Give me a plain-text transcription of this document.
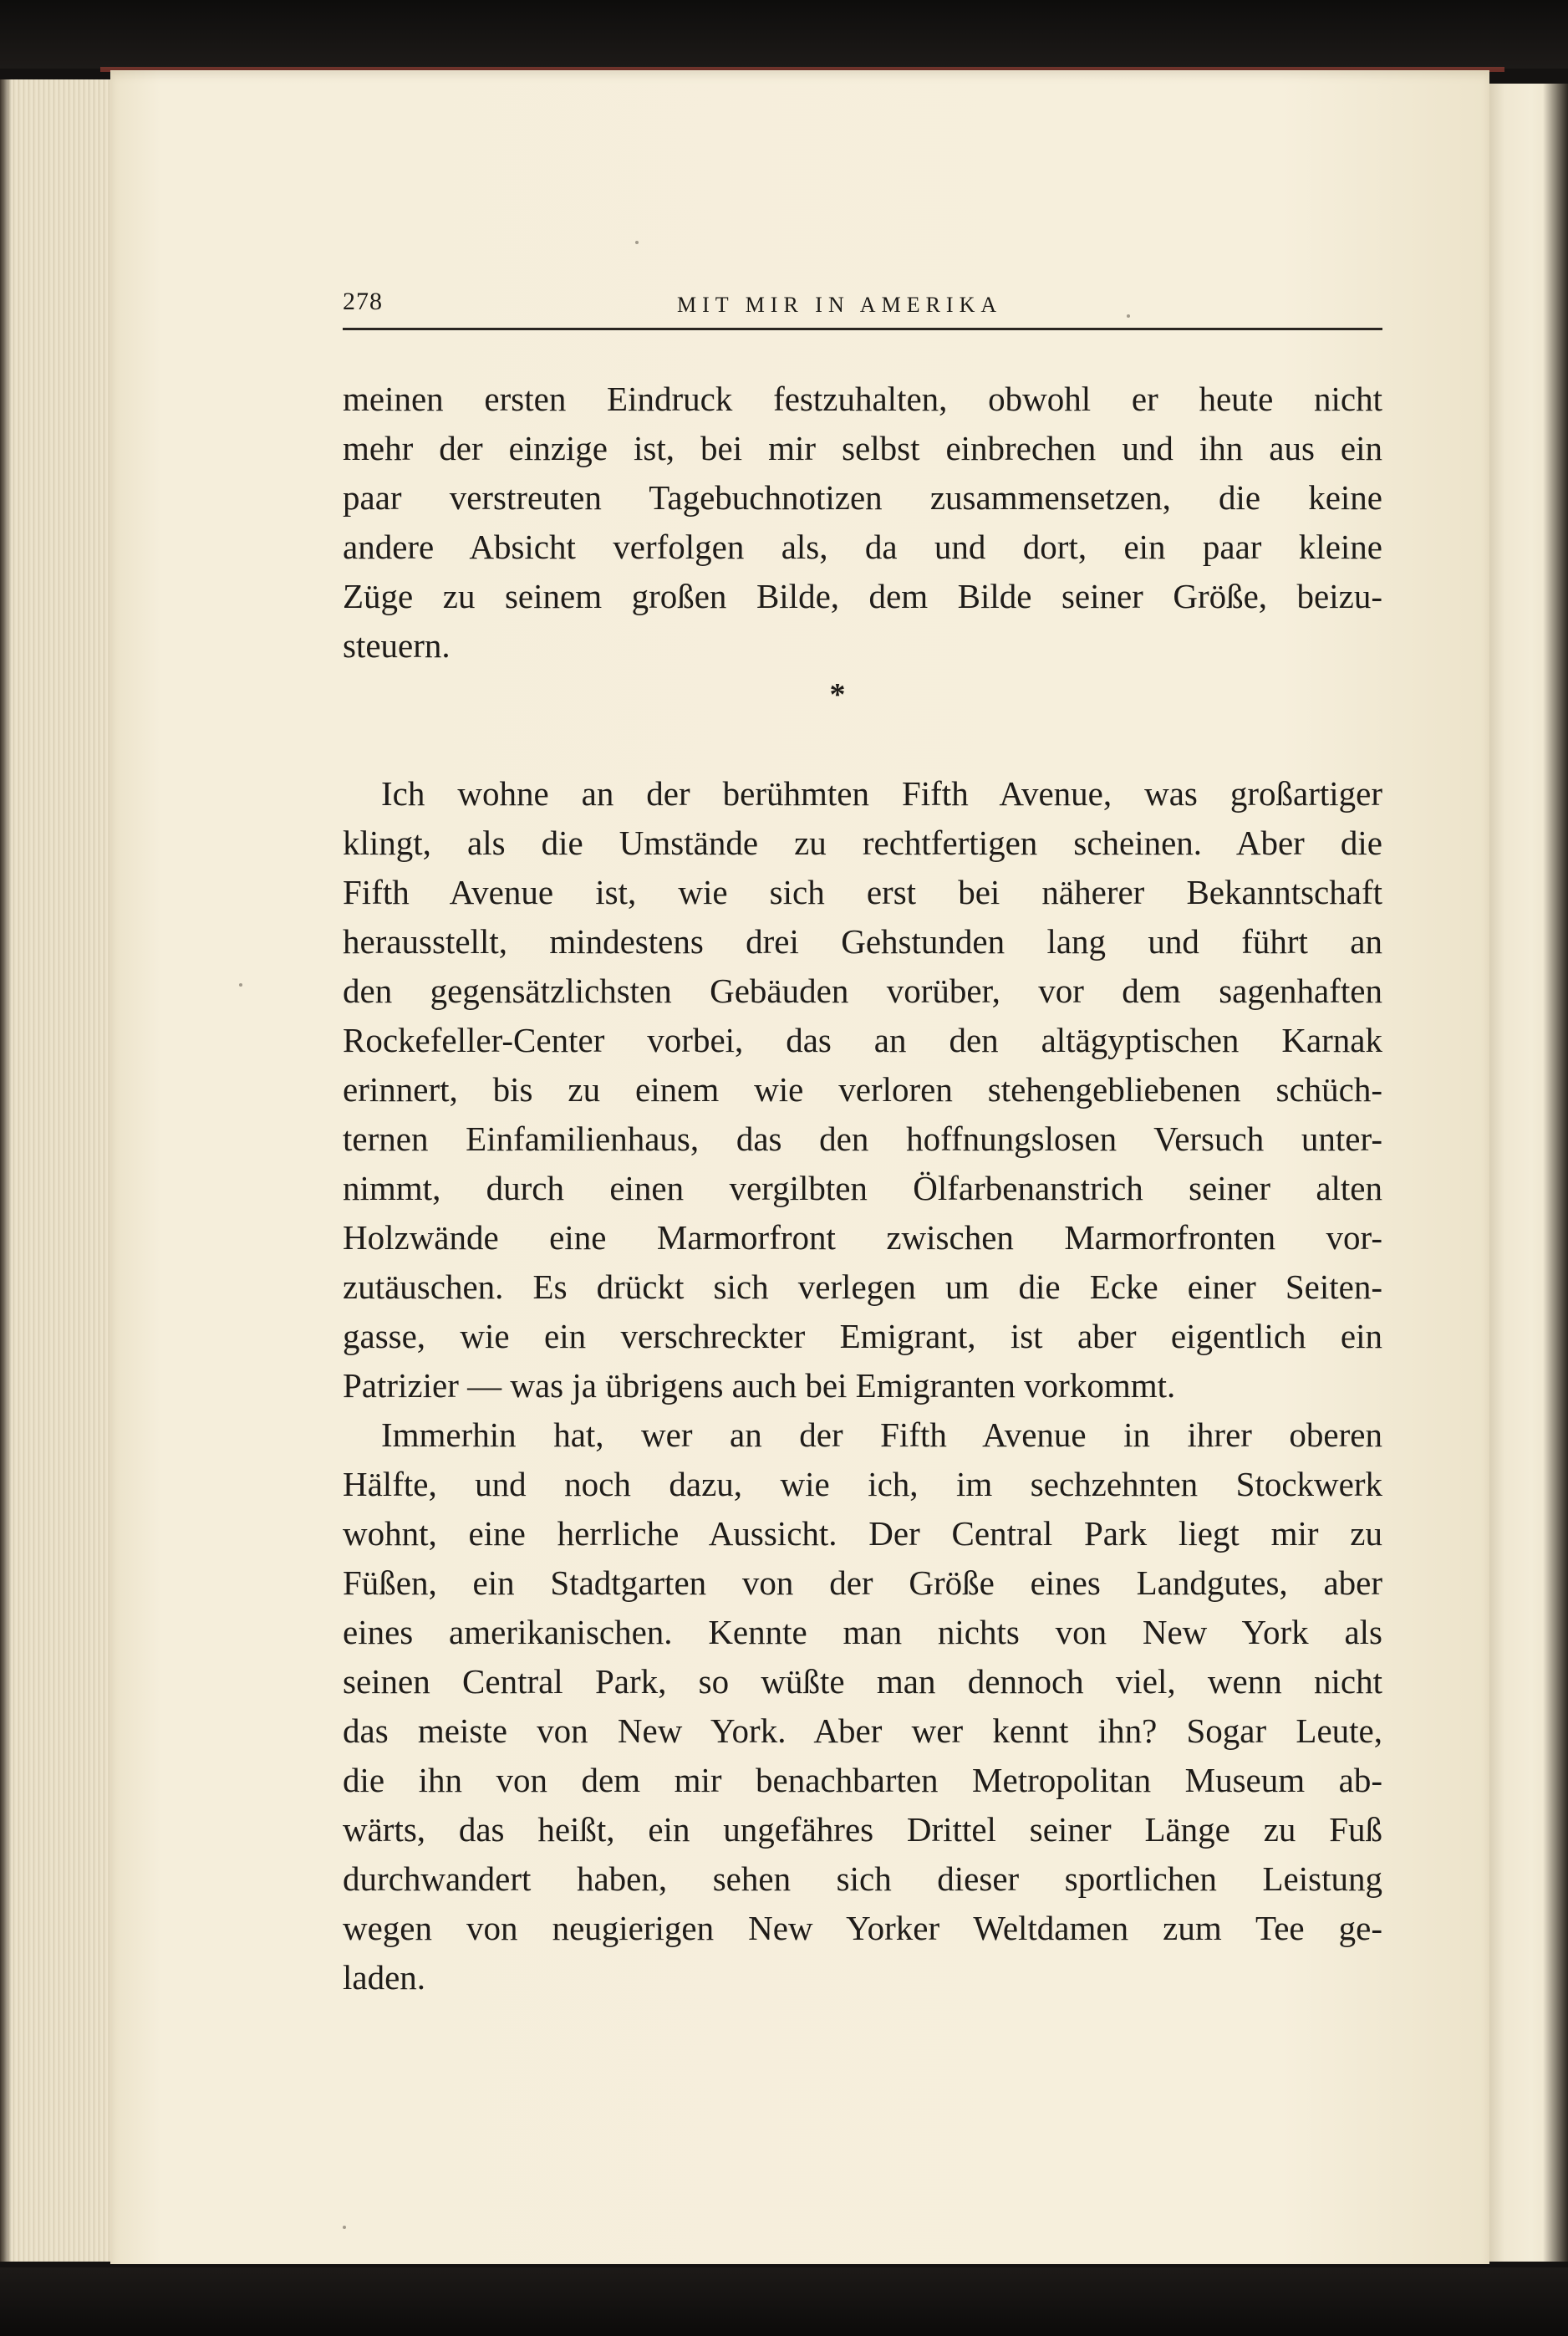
278	MIT MIR IN AMERIKA
meinen ersten Eindruck festzuhalten, obwohl er heute nicht
mehr der einzige ist, bei mir selbst einbrechen und ihn aus ein
paar verstreuten Tagebuchnotizen zusammensetzen, die keine
andere Absicht verfolgen als, da und dort, ein paar kleine
Züge zu seinem großen Bilde, dem Bilde seiner Größe, beizu-
steuern.
*
Ich wohne an der berühmten Fifth Avenue, was großartiger
klingt, als die Umstände zu rechtfertigen scheinen. Aber die
Fifth Avenue ist, wie sich erst bei näherer Bekanntschaft
herausstellt, mindestens drei Gehstunden lang und führt an
den gegensätzlichsten Gebäuden vorüber, vor dem sagenhaften
Rockefeller-Center vorbei, das an den altägyptischen Karnak
erinnert, bis zu einem wie verloren stehengebliebenen schüch-
ternen Einfamilienhaus, das den hoffnungslosen Versuch unter-
nimmt, durch einen vergilbten Ölfarbenanstrich seiner alten
Holzwände eine Marmorfront zwischen Marmorfronten vor-
zutäuschen. Es drückt sich verlegen um die Ecke einer Seiten-
gasse, wie ein verschreckter Emigrant, ist aber eigentlich ein
Patrizier — was ja übrigens auch bei Emigranten vorkommt.
Immerhin hat, wer an der Fifth Avenue in ihrer oberen
Hälfte, und noch dazu, wie ich, im sechzehnten Stockwerk
wohnt, eine herrliche Aussicht. Der Central Park liegt mir zu
Füßen, ein Stadtgarten von der Größe eines Landgutes, aber
eines amerikanischen. Kennte man nichts von New York als
seinen Central Park, so wüßte man dennoch viel, wenn nicht
das meiste von New York. Aber wer kennt ihn? Sogar Leute,
die ihn von dem mir benachbarten Metropolitan Museum ab-
wärts, das heißt, ein ungefähres Drittel seiner Länge zu Fuß
durchwandert haben, sehen sich dieser sportlichen Leistung
wegen von neugierigen New Yorker Weltdamen zum Tee ge-
laden.
